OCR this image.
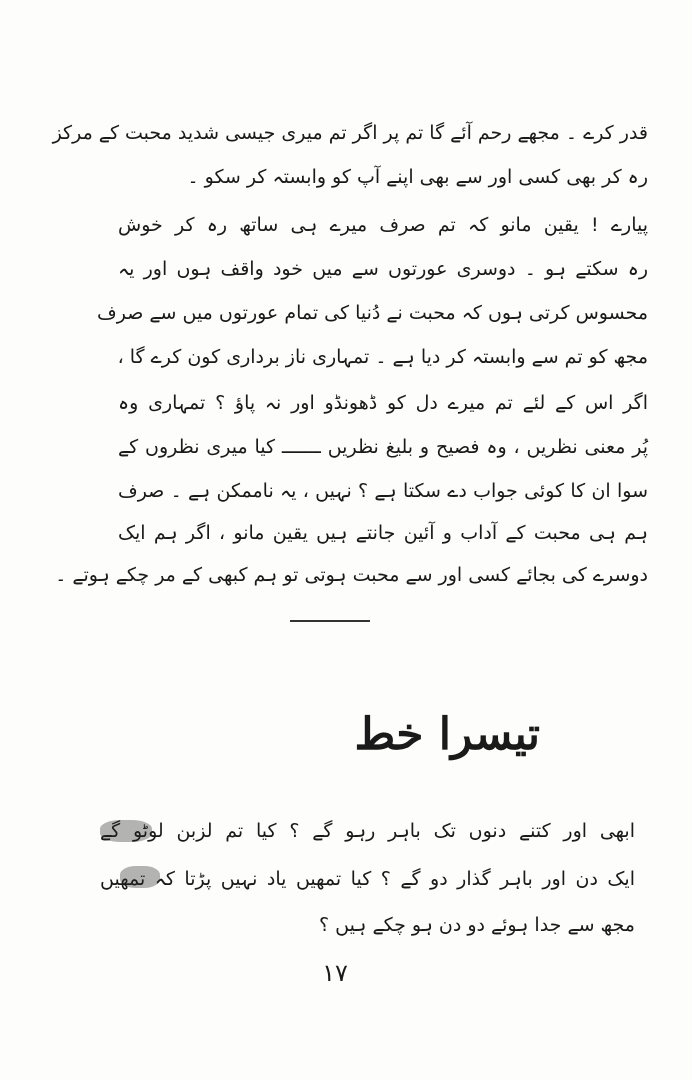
قدر کرے ۔ مجھے رحم آئے گا تم پر اگر تم میری جیسی شدید محبت کے مرکز
رہ کر بھی کسی اور سے بھی اپنے آپ کو وابستہ کر سکو ۔
پیارے ! یقین مانو کہ تم صرف میرے ہی ساتھ رہ کر خوش
رہ سکتے ہو ۔ دوسری عورتوں سے میں خود واقف ہوں اور یہ
محسوس کرتی ہوں کہ محبت نے دُنیا کی تمام عورتوں میں سے صرف
مجھ کو تم سے وابستہ کر دیا ہے ۔ تمہاری ناز برداری کون کرے گا ،
اگر اس کے لئے تم میرے دل کو ڈھونڈو اور نہ پاؤ ؟ تمہاری وہ
پُر معنی نظریں ، وہ فصیح و بلیغ نظریں ـــــــ کیا میری نظروں کے
سوا ان کا کوئی جواب دے سکتا ہے ؟ نہیں ، یہ ناممکن ہے ۔ صرف
ہم ہی محبت کے آداب و آئین جانتے ہیں یقین مانو ، اگر ہم ایک
دوسرے کی بجائے کسی اور سے محبت ہوتی تو ہم کبھی کے مر چکے ہوتے ۔
تیسرا خط
ابھی اور کتنے دنوں تک باہر رہو گے ؟ کیا تم لزبن لوٹو گے
ایک دن اور باہر گذار دو گے ؟ کیا تمھیں یاد نہیں پڑتا کہ تمھیں
مجھ سے جدا ہوئے دو دن ہو چکے ہیں ؟
۱۷
